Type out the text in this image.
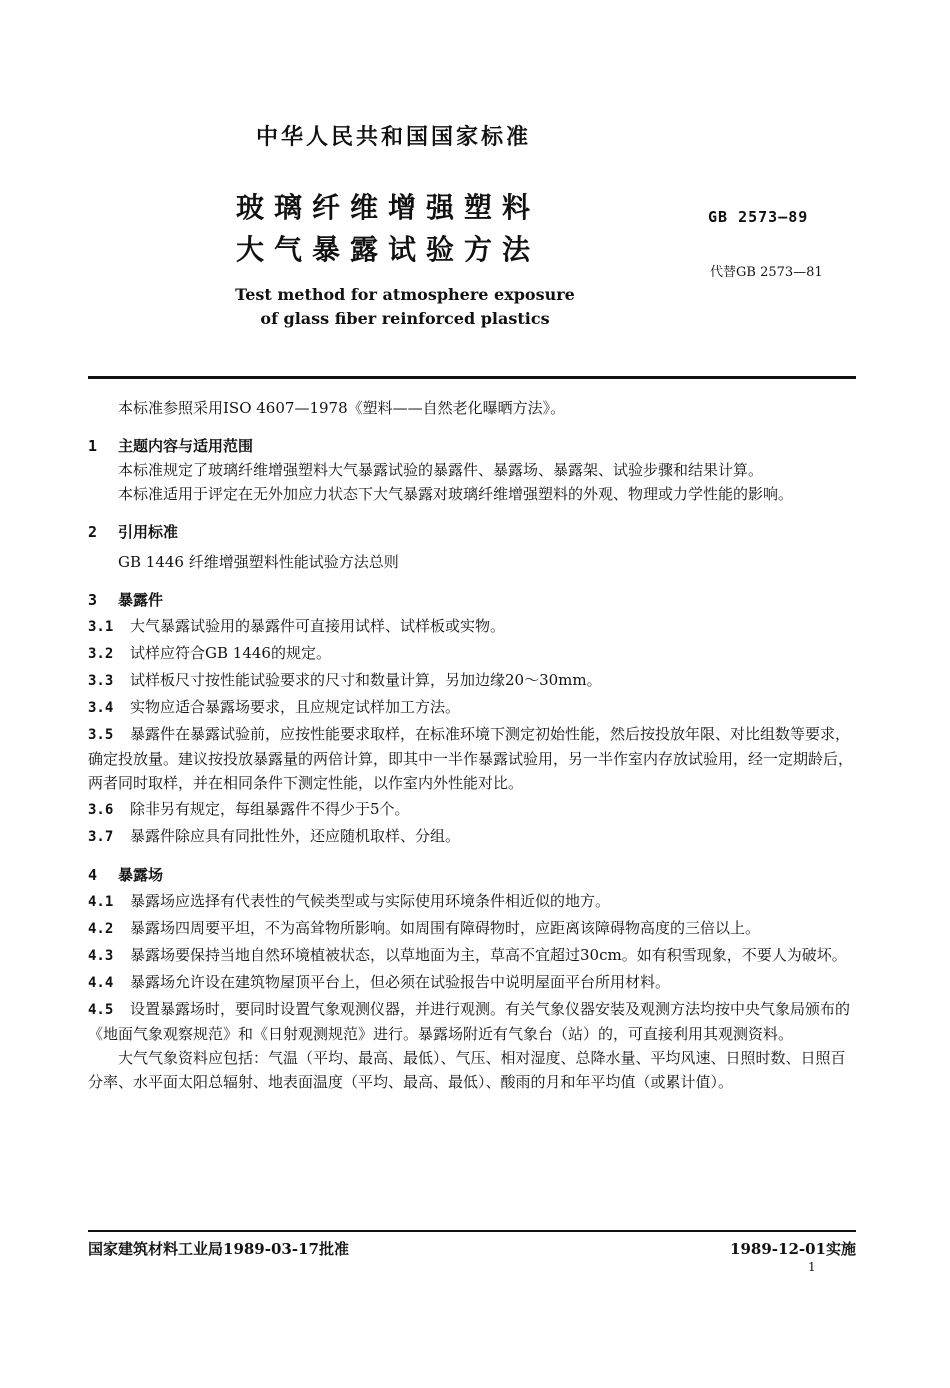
中华人民共和国国家标准
玻璃纤维增强塑料
大气暴露试验方法
GB 2573—89
代替GB 2573—81
Test method for atmosphere exposure
of glass fiber reinforced plastics

本标准参照采用ISO 4607—1978《塑料——自然老化曝晒方法》。

1 主题内容与适用范围

本标准规定了玻璃纤维增强塑料大气暴露试验的暴露件、暴露场、暴露架、试验步骤和结果计算。

本标准适用于评定在无外加应力状态下大气暴露对玻璃纤维增强塑料的外观、物理或力学性能的影响。

2 引用标准

GB 1446 纤维增强塑料性能试验方法总则

3 暴露件

3.1 大气暴露试验用的暴露件可直接用试样、试样板或实物。

3.2 试样应符合GB 1446的规定。

3.3 试样板尺寸按性能试验要求的尺寸和数量计算，另加边缘20～30mm。

3.4 实物应适合暴露场要求，且应规定试样加工方法。

3.5 暴露件在暴露试验前，应按性能要求取样，在标准环境下测定初始性能，然后按投放年限、对比组数等要求，确定投放量。建议按投放暴露量的两倍计算，即其中一半作暴露试验用，另一半作室内存放试验用，经一定期龄后，两者同时取样，并在相同条件下测定性能，以作室内外性能对比。

3.6 除非另有规定，每组暴露件不得少于5个。

3.7 暴露件除应具有同批性外，还应随机取样、分组。

4 暴露场

4.1 暴露场应选择有代表性的气候类型或与实际使用环境条件相近似的地方。

4.2 暴露场四周要平坦，不为高耸物所影响。如周围有障碍物时，应距离该障碍物高度的三倍以上。

4.3 暴露场要保持当地自然环境植被状态，以草地面为主，草高不宜超过30cm。如有积雪现象，不要人为破坏。

4.4 暴露场允许设在建筑物屋顶平台上，但必须在试验报告中说明屋面平台所用材料。

4.5 设置暴露场时，要同时设置气象观测仪器，并进行观测。有关气象仪器安装及观测方法均按中央气象局颁布的《地面气象观察规范》和《日射观测规范》进行。暴露场附近有气象台（站）的，可直接利用其观测资料。

大气气象资料应包括：气温（平均、最高、最低）、气压、相对湿度、总降水量、平均风速、日照时数、日照百分率、水平面太阳总辐射、地表面温度（平均、最高、最低）、酸雨的月和年平均值（或累计值）。

国家建筑材料工业局1989-03-17批准	1989-12-01实施
1
